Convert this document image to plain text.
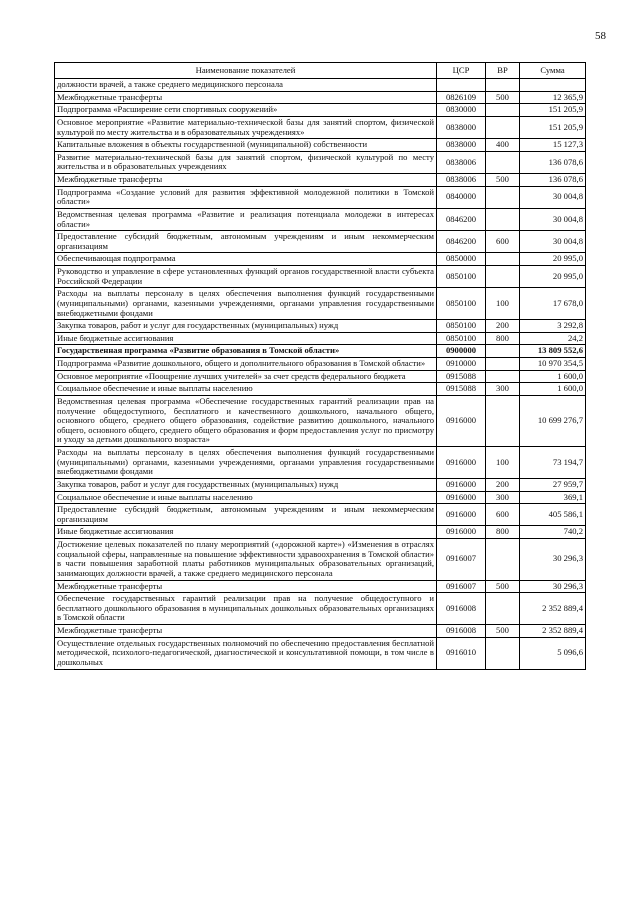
58
Наименование показателей	ЦСР	ВР	Сумма
должности врачей, а также среднего медицинского персонала			
Межбюджетные трансферты	0826109	500	12 365,9
Подпрограмма «Расширение сети спортивных сооружений»	0830000		151 205,9
Основное мероприятие «Развитие материально-технической базы для занятий спортом, физической культурой по месту жительства и в образовательных учреждениях»	0838000		151 205,9
Капитальные вложения в объекты государственной (муниципальной) собственности	0838000	400	15 127,3
Развитие материально-технической базы для занятий спортом, физической культурой по месту жительства и в образовательных учреждениях	0838006		136 078,6
Межбюджетные трансферты	0838006	500	136 078,6
Подпрограмма «Создание условий для развития эффективной молодежной политики в Томской области»	0840000		30 004,8
Ведомственная целевая программа «Развитие и реализация потенциала молодежи в интересах области»	0846200		30 004,8
Предоставление субсидий бюджетным, автономным учреждениям и иным некоммерческим организациям	0846200	600	30 004,8
Обеспечивающая подпрограмма	0850000		20 995,0
Руководство и управление в сфере установленных функций органов государственной власти субъекта Российской Федерации	0850100		20 995,0
Расходы на выплаты персоналу в целях обеспечения выполнения функций государственными (муниципальными) органами, казенными учреждениями, органами управления государственными внебюджетными фондами	0850100	100	17 678,0
Закупка товаров, работ и услуг для государственных (муниципальных) нужд	0850100	200	3 292,8
Иные бюджетные ассигнования	0850100	800	24,2
Государственная программа «Развитие образования в Томской области»	0900000		13 809 552,6
Подпрограмма «Развитие дошкольного, общего и дополнительного образования в Томской области»	0910000		10 970 354,5
Основное мероприятие «Поощрение лучших учителей» за счет средств федерального бюджета	0915088		1 600,0
Социальное обеспечение и иные выплаты населению	0915088	300	1 600,0
Ведомственная целевая программа «Обеспечение государственных гарантий реализации прав на получение общедоступного, бесплатного и качественного дошкольного, начального общего, основного общего, среднего общего образования, содействие развитию дошкольного, начального общего, основного общего, среднего общего образования и форм предоставления услуг по присмотру и уходу за детьми дошкольного возраста»	0916000		10 699 276,7
Расходы на выплаты персоналу в целях обеспечения выполнения функций государственными (муниципальными) органами, казенными учреждениями, органами управления государственными внебюджетными фондами	0916000	100	73 194,7
Закупка товаров, работ и услуг для государственных (муниципальных) нужд	0916000	200	27 959,7
Социальное обеспечение и иные выплаты населению	0916000	300	369,1
Предоставление субсидий бюджетным, автономным учреждениям и иным некоммерческим организациям	0916000	600	405 586,1
Иные бюджетные ассигнования	0916000	800	740,2
Достижение целевых показателей по плану мероприятий («дорожной карте») «Изменения в отраслях социальной сферы, направленные на повышение эффективности здравоохранения в Томской области» в части повышения заработной платы работников муниципальных образовательных организаций, занимающих должности врачей, а также среднего медицинского персонала	0916007		30 296,3
Межбюджетные трансферты	0916007	500	30 296,3
Обеспечение государственных гарантий реализации прав на получение общедоступного и бесплатного дошкольного образования в муниципальных дошкольных образовательных организациях в Томской области	0916008		2 352 889,4
Межбюджетные трансферты	0916008	500	2 352 889,4
Осуществление отдельных государственных полномочий по обеспечению предоставления бесплатной методической, психолого-педагогической, диагностической и консультативной помощи, в том числе в дошкольных	0916010		5 096,6
